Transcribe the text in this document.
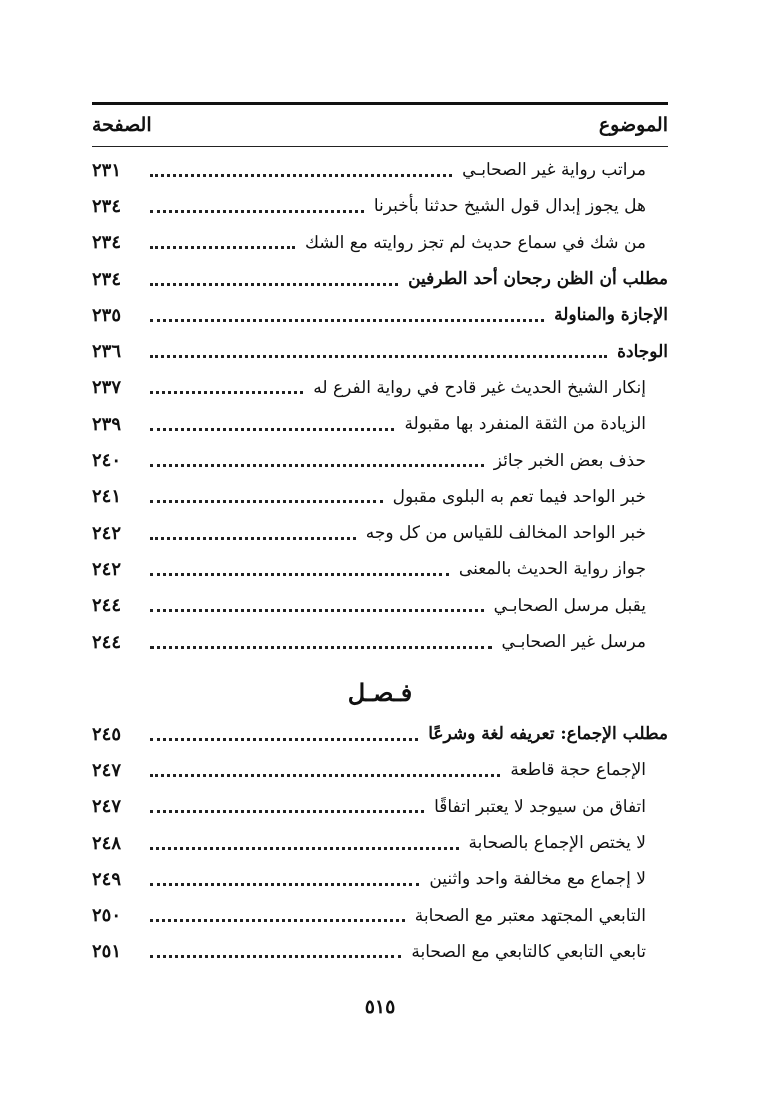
الموضوع
الصفحة
مراتب رواية غير الصحابـي
٢٣١
هل يجوز إبدال قول الشيخ حدثنا بأخبرنا
٢٣٤
من شك في سماع حديث لم تجز روايته مع الشك
٢٣٤
مطلب أن الظن رجحان أحد الطرفين
٢٣٤
الإجازة والمناولة
٢٣٥
الوجادة
٢٣٦
إنكار الشيخ الحديث غير قادح في رواية الفرع له
٢٣٧
الزيادة من الثقة المنفرد بها مقبولة
٢٣٩
حذف بعض الخبر جائز
٢٤٠
خبر الواحد فيما تعم به البلوى مقبول
٢٤١
خبر الواحد المخالف للقياس من كل وجه
٢٤٢
جواز رواية الحديث بالمعنى
٢٤٢
يقبل مرسل الصحابـي
٢٤٤
مرسل غير الصحابـي
٢٤٤
فـصـل
مطلب الإجماع: تعريفه لغة وشرعًا
٢٤٥
الإجماع حجة قاطعة
٢٤٧
اتفاق من سيوجد لا يعتبر اتفاقًا
٢٤٧
لا يختص الإجماع بالصحابة
٢٤٨
لا إجماع مع مخالفة واحد واثنين
٢٤٩
التابعي المجتهد معتبر مع الصحابة
٢٥٠
تابعي التابعي كالتابعي مع الصحابة
٢٥١
٥١٥
